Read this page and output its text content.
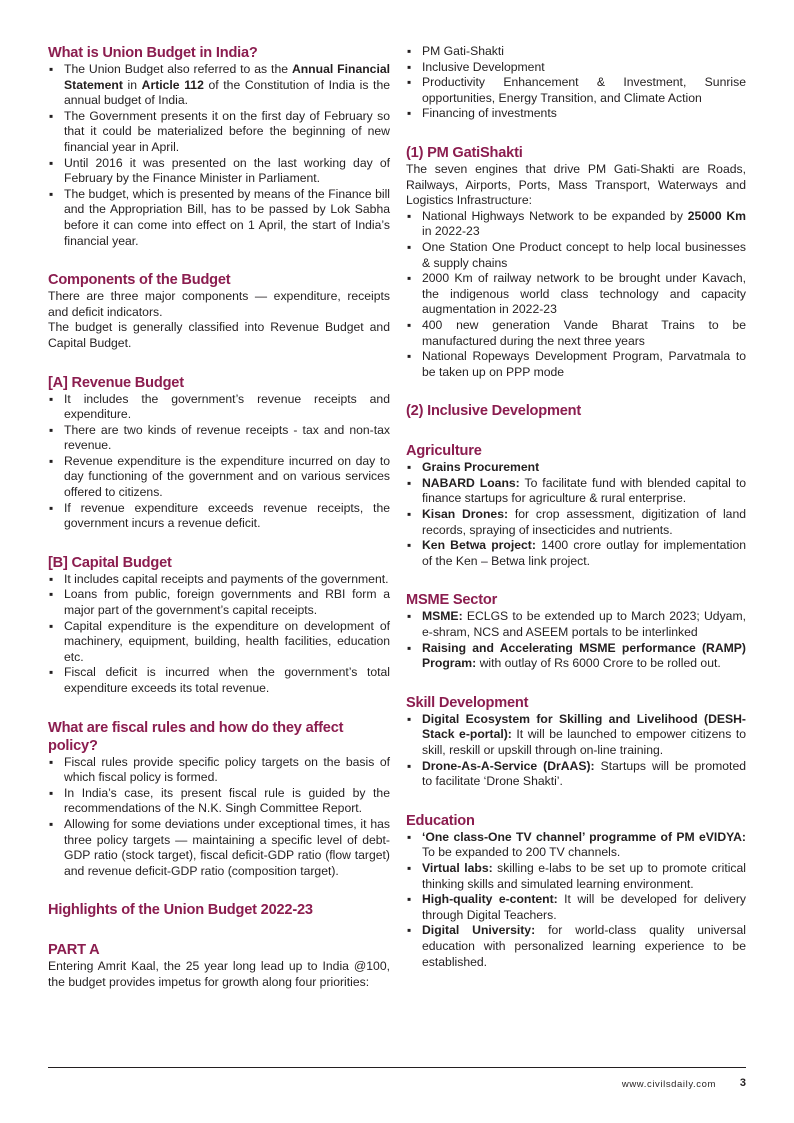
What is Union Budget in India?
▪ The Union Budget also referred to as the Annual Financial Statement in Article 112 of the Constitution of India is the annual budget of India.
▪ The Government presents it on the first day of February so that it could be materialized before the beginning of new financial year in April.
▪ Until 2016 it was presented on the last working day of February by the Finance Minister in Parliament.
▪ The budget, which is presented by means of the Finance bill and the Appropriation Bill, has to be passed by Lok Sabha before it can come into effect on 1 April, the start of India’s financial year.
Components of the Budget

There are three major components — expenditure, receipts and deficit indicators.

The budget is generally classified into Revenue Budget and Capital Budget.

[A] Revenue Budget
▪ It includes the government’s revenue receipts and expenditure.
▪ There are two kinds of revenue receipts - tax and non-tax revenue.
▪ Revenue expenditure is the expenditure incurred on day to day functioning of the government and on various services offered to citizens.
▪ If revenue expenditure exceeds revenue receipts, the government incurs a revenue deficit.
[B] Capital Budget
▪ It includes capital receipts and payments of the government.
▪ Loans from public, foreign governments and RBI form a major part of the government’s capital receipts.
▪ Capital expenditure is the expenditure on development of machinery, equipment, building, health facilities, education etc.
▪ Fiscal deficit is incurred when the government’s total expenditure exceeds its total revenue.
What are fiscal rules and how do they affect policy?
▪ Fiscal rules provide specific policy targets on the basis of which fiscal policy is formed.
▪ In India’s case, its present fiscal rule is guided by the recommendations of the N.K. Singh Committee Report.
▪ Allowing for some deviations under exceptional times, it has three policy targets — maintaining a specific level of debt-GDP ratio (stock target), fiscal deficit-GDP ratio (flow target) and revenue deficit-GDP ratio (composition target).
Highlights of the Union Budget 2022-23
PART A

Entering Amrit Kaal, the 25 year long lead up to India @100, the budget provides impetus for growth along four priorities:

▪ PM Gati-Shakti
▪ Inclusive Development
▪ Productivity Enhancement & Investment, Sunrise opportunities, Energy Transition, and Climate Action
▪ Financing of investments
(1) PM GatiShakti

The seven engines that drive PM Gati-Shakti are Roads, Railways, Airports, Ports, Mass Transport, Waterways and Logistics Infrastructure:

▪ National Highways Network to be expanded by 25000 Km in 2022-23
▪ One Station One Product concept to help local businesses & supply chains
▪ 2000 Km of railway network to be brought under Kavach, the indigenous world class technology and capacity augmentation in 2022-23
▪ 400 new generation Vande Bharat Trains to be manufactured during the next three years
▪ National Ropeways Development Program, Parvatmala to be taken up on PPP mode
(2) Inclusive Development
Agriculture
▪ Grains Procurement
▪ NABARD Loans: To facilitate fund with blended capital to finance startups for agriculture & rural enterprise.
▪ Kisan Drones: for crop assessment, digitization of land records, spraying of insecticides and nutrients.
▪ Ken Betwa project: 1400 crore outlay for implementation of the Ken – Betwa link project.
MSME Sector
▪ MSME: ECLGS to be extended up to March 2023; Udyam, e-shram, NCS and ASEEM portals to be interlinked
▪ Raising and Accelerating MSME performance (RAMP) Program: with outlay of Rs 6000 Crore to be rolled out.
Skill Development
▪ Digital Ecosystem for Skilling and Livelihood (DESH-Stack e-portal): It will be launched to empower citizens to skill, reskill or upskill through on-line training.
▪ Drone-As-A-Service (DrAAS): Startups will be promoted to facilitate ‘Drone Shakti’.
Education
▪ ‘One class-One TV channel’ programme of PM eVIDYA: To be expanded to 200 TV channels.
▪ Virtual labs: skilling e-labs to be set up to promote critical thinking skills and simulated learning environment.
▪ High-quality e-content: It will be developed for delivery through Digital Teachers.
▪ Digital University: for world-class quality universal education with personalized learning experience to be established.
www.civilsdaily.com	3
